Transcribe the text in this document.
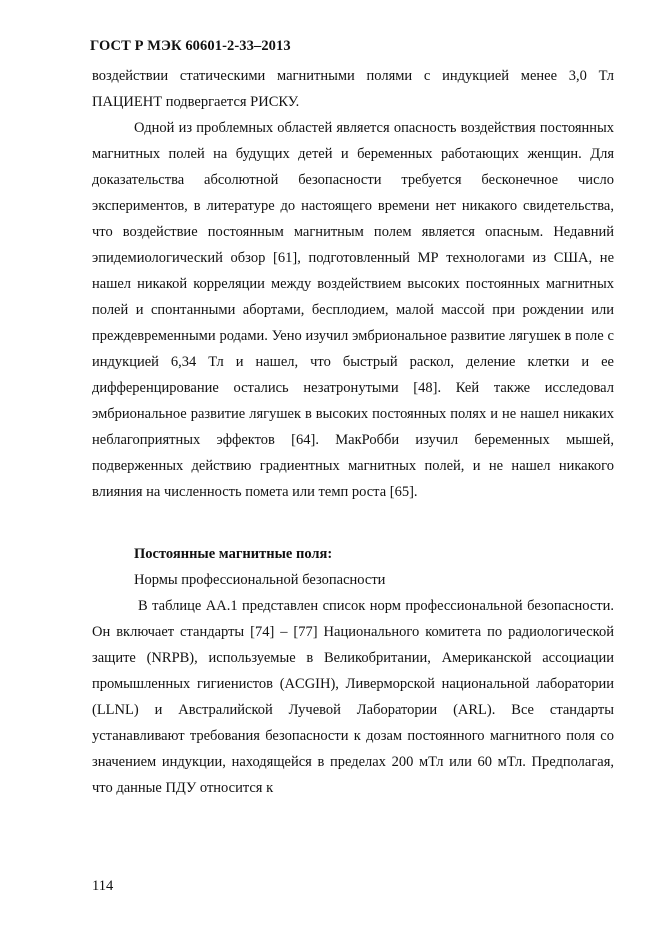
ГОСТ Р МЭК 60601-2-33–2013

воздействии статическими магнитными полями с индукцией менее 3,0 Тл ПАЦИЕНТ подвергается РИСКУ.

Одной из проблемных областей является опасность воздействия постоянных магнитных полей на будущих детей и беременных работающих женщин. Для доказательства абсолютной безопасности требуется бесконечное число экспериментов, в литературе до настоящего времени нет никакого свидетельства, что воздействие постоянным магнитным полем является опасным. Недавний эпидемиологический обзор [61], подготовленный МР технологами из США, не нашел никакой корреляции между воздействием высоких постоянных магнитных полей и спонтанными абортами, бесплодием, малой массой при рождении или преждевременными родами. Уено изучил эмбриональное развитие лягушек в поле с индукцией 6,34 Тл и нашел, что быстрый раскол, деление клетки и ее дифференцирование остались незатронутыми [48]. Кей также исследовал эмбриональное развитие лягушек в высоких постоянных полях и не нашел никаких неблагоприятных эффектов [64]. МакРобби изучил беременных мышей, подверженных действию градиентных магнитных полей, и не нашел никакого влияния на численность помета или темп роста [65].

Постоянные магнитные поля:

Нормы профессиональной безопасности

В таблице АА.1 представлен список норм профессиональной безопасности. Он включает стандарты [74] – [77] Национального комитета по радиологической защите (NRPB), используемые в Великобритании, Американской ассоциации промышленных гигиенистов (ACGIH), Ливерморской национальной лаборатории (LLNL) и Австралийской Лучевой Лаборатории (ARL). Все стандарты устанавливают требования безопасности к дозам постоянного магнитного поля со значением индукции, находящейся в пределах 200 мТл или 60 мТл. Предполагая, что данные ПДУ относится к

114
